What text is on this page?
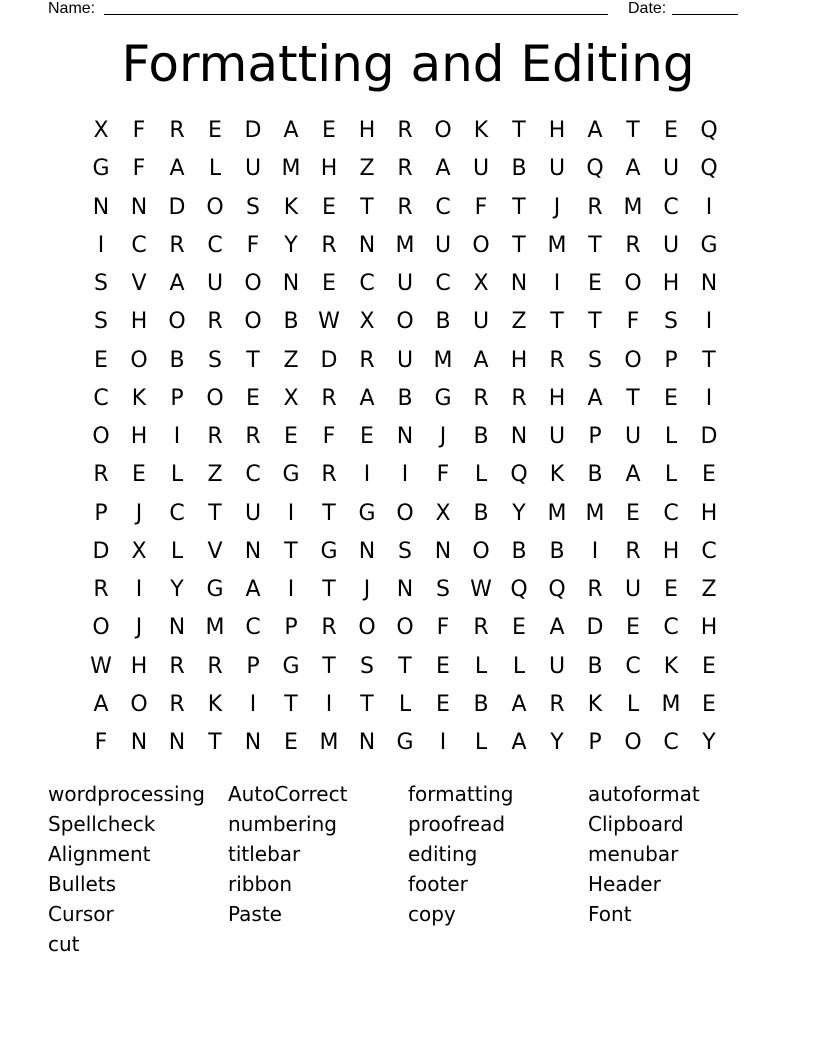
Name:	Date:
Formatting and Editing
X	F	R	E	D	A	E	H	R O	K	T	H	A	T	E	Q
G	F	A	L	U M H	Z	R	A	U	B	U Q A	U Q
N N D O	S	K	E	T	R	C	F	T	J	R M C	I
I	C	R	C	F	Y	R	N M U O	T M T	R	U G
S	V	A	U O N	E	C	U	C	X	N	I	E	O H N
S	H O R O B W X O B	U	Z	T	T	F	S	I
E	O B	S	T	Z D R	U M A	H	R	S	O	P	T
C	K	P	O	E	X	R	A	B G R	R	H	A	T	E	I
O H	I	R	R	E	F	E	N	J	B	N U	P	U	L	D
R	E	L	Z	C G R	I	I	F	L	Q	K	B	A	L	E
P	J	C	T	U	I	T	G O X	B	Y M M E	C	H
D X	L	V	N	T	G N	S	N O B	B	I	R	H	C
R	I	Y	G A	I	T	J	N	S W Q Q R	U	E	Z
O	J	N M C	P	R O O	F	R	E	A D	E	C	H
W H	R	R	P	G	T	S	T	E	L	L	U	B	C	K	E
A O R	K	I	T	I	T	L	E	B	A	R	K	L	M E
F	N N	T	N	E M N G	I	L	A	Y	P	O C	Y
wordprocessing	AutoCorrect	formatting	autoformat
Spellcheck	numbering	proofread	Clipboard
Alignment	titlebar	editing	menubar
Bullets	ribbon	footer	Header
Cursor	Paste	copy	Font
cut
